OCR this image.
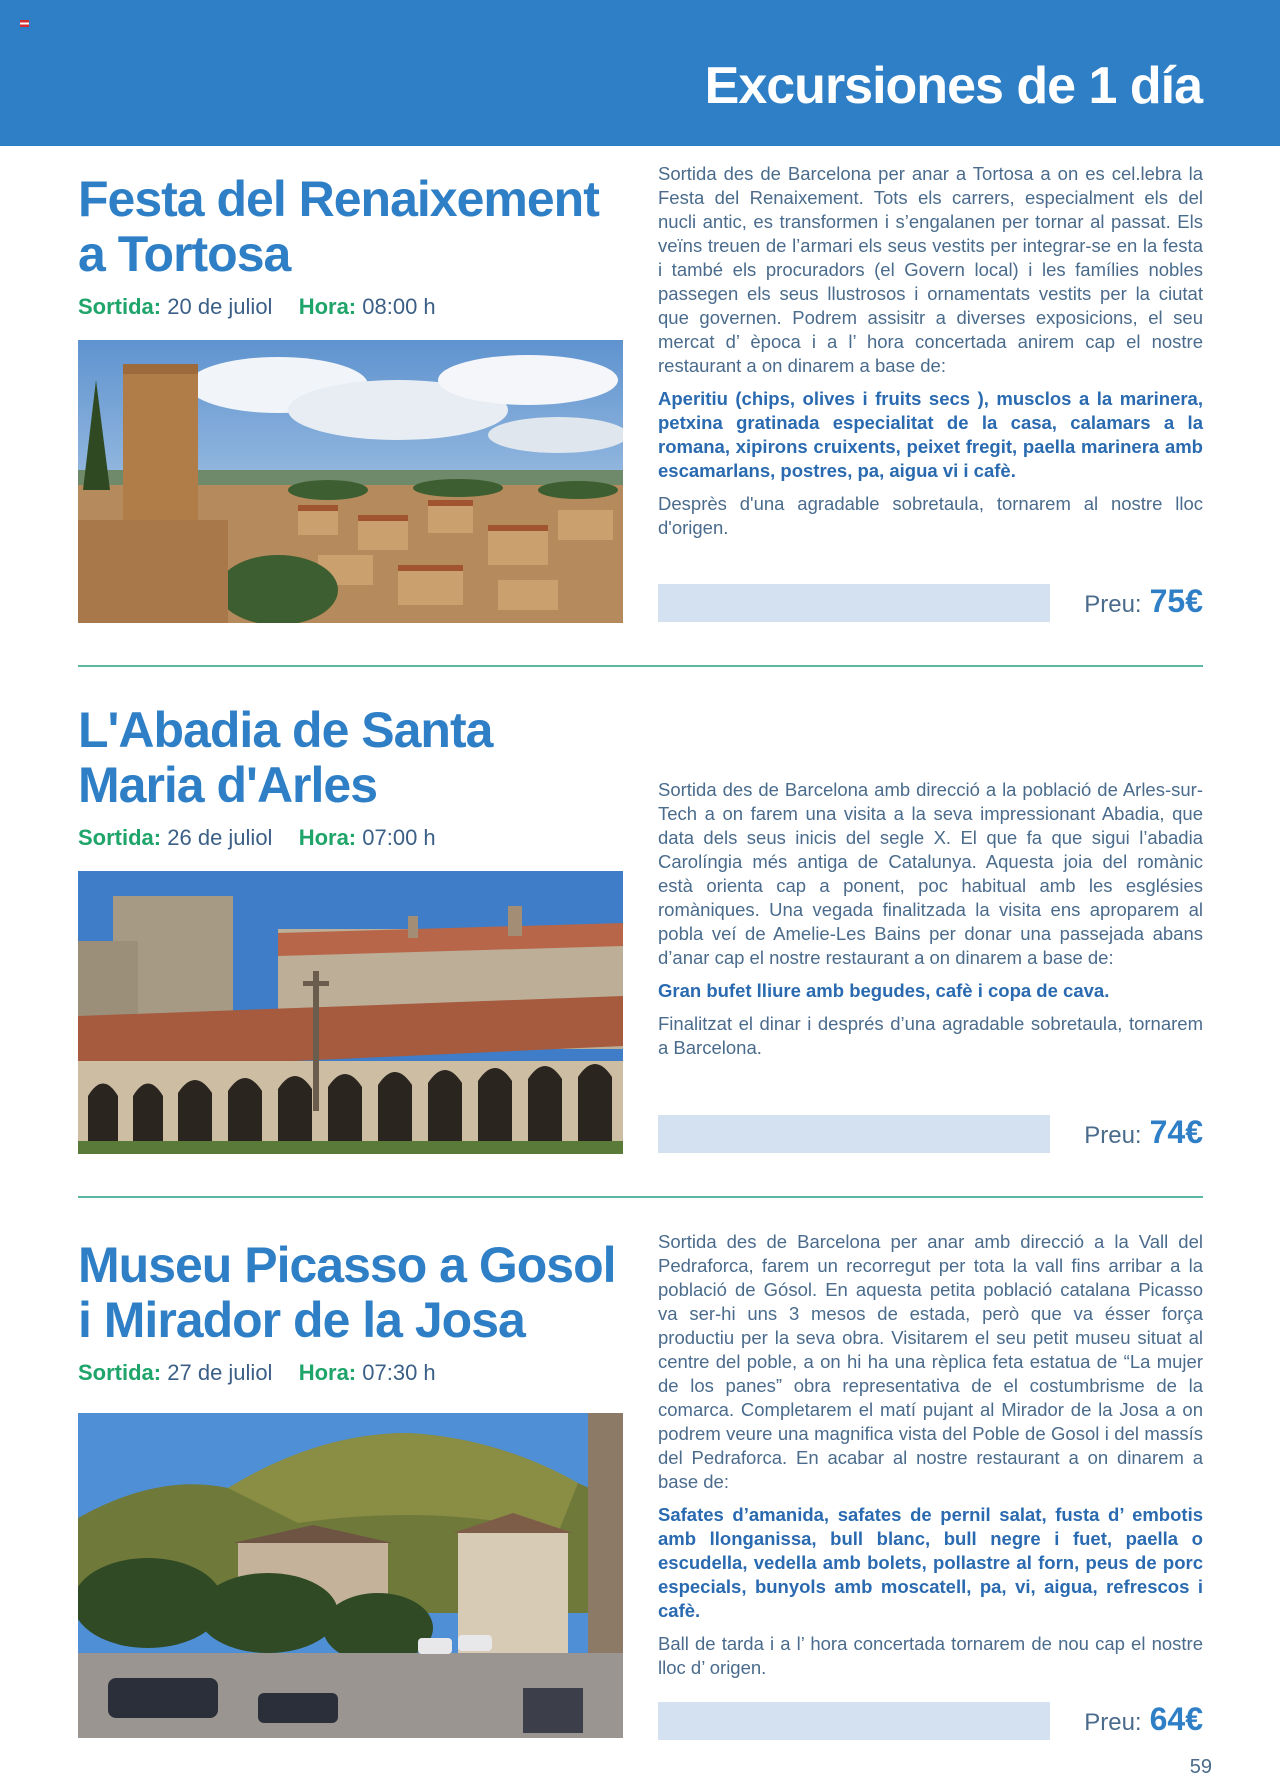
Excursiones de 1 día
Festa del Renaixement
a Tortosa
Sortida: 20 de juliol Hora: 08:00 h

Sortida des de Barcelona per anar a Tortosa a on es cel.lebra la Festa del Renaixement. Tots els carrers, especialment els del nucli antic, es transformen i s’engalanen per tornar al passat. Els veïns treuen de l’armari els seus vestits per integrar-se en la festa i també els procuradors (el Govern local) i les famílies nobles passegen els seus llustrosos i ornamentats vestits per la ciutat que governen. Podrem assisitr a diverses exposicions, el seu mercat d’ època i a l’ hora concertada anirem cap el nostre restaurant a on dinarem a base de:

Aperitiu (chips, olives i fruits secs ), musclos a la marinera, petxina gratinada especialitat de la casa, calamars a la romana, xipirons cruixents, peixet fregit, paella marinera amb escamarlans, postres, pa, aigua vi i cafè.

Desprès d'una agradable sobretaula, tornarem al nostre lloc d'origen.

Preu: 75€
L'Abadia de Santa
Maria d'Arles
Sortida: 26 de juliol Hora: 07:00 h

Sortida des de Barcelona amb direcció a la població de Arles-sur-Tech a on farem una visita a la seva impressionant Abadia, que data dels seus inicis del segle X. El que fa que sigui l’abadia Carolíngia més antiga de Catalunya. Aquesta joia del romànic està orienta cap a ponent, poc habitual amb les esglésies romàniques. Una vegada finalitzada la visita ens aproparem al pobla veí de Amelie-Les Bains per donar una passejada abans d’anar cap el nostre restaurant a on dinarem a base de:

Gran bufet lliure amb begudes, cafè i copa de cava.

Finalitzat el dinar i després d’una agradable sobretaula, tornarem a Barcelona.

Preu: 74€
Museu Picasso a Gosol
i Mirador de la Josa
Sortida: 27 de juliol Hora: 07:30 h

Sortida des de Barcelona per anar amb direcció a la Vall del Pedraforca, farem un recorregut per tota la vall fins arribar a la població de Gósol. En aquesta petita població catalana Picasso va ser-hi uns 3 mesos de estada, però que va ésser força productiu per la seva obra. Visitarem el seu petit museu situat al centre del poble, a on hi ha una rèplica feta estatua de “La mujer de los panes” obra representativa de el costumbrisme de la comarca. Completarem el matí pujant al Mirador de la Josa a on podrem veure una magnifica vista del Poble de Gosol i del massís del Pedraforca. En acabar al nostre restaurant a on dinarem a base de:

Safates d’amanida, safates de pernil salat, fusta d’ embotis amb llonganissa, bull blanc, bull negre i fuet, paella o escudella, vedella amb bolets, pollastre al forn, peus de porc especials, bunyols amb moscatell, pa, vi, aigua, refrescos i cafè.

Ball de tarda i a l’ hora concertada tornarem de nou cap el nostre lloc d’ origen.

Preu: 64€
59
